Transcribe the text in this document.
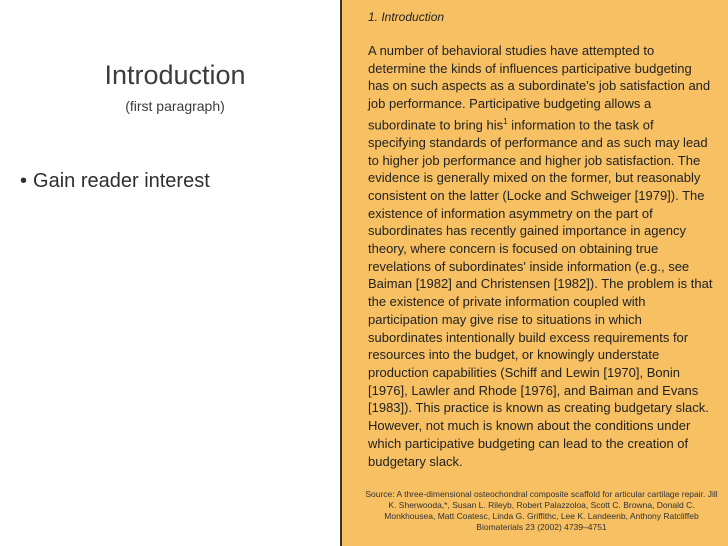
Introduction
(first paragraph)
• Gain reader interest

1. Introduction

A number of behavioral studies have attempted to determine the kinds of influences participative budgeting has on such aspects as a subordinate's job satisfaction and job performance. Participative budgeting allows a subordinate to bring his$^1$ information to the task of specifying standards of performance and as such may lead to higher job performance and higher job satisfaction. The evidence is generally mixed on the former, but reasonably consistent on the latter (Locke and Schweiger [1979]). The existence of information asymmetry on the part of subordinates has recently gained importance in agency theory, where concern is focused on obtaining true revelations of subordinates' inside information (e.g., see Baiman [1982] and Christensen [1982]). The problem is that the existence of private information coupled with participation may give rise to situations in which subordinates intentionally build excess requirements for resources into the budget, or knowingly understate production capabilities (Schiff and Lewin [1970], Bonin [1976], Lawler and Rhode [1976], and Baiman and Evans [1983]). This practice is known as creating budgetary slack. However, not much is known about the conditions under which participative budgeting can lead to the creation of budgetary slack.

Source: A three-dimensional osteochondral composite scaffold for articular cartilage repair. Jill K. Sherwooda,*, Susan L. Rileyb, Robert Palazzoloa, Scott C. Browna, Donald C. Monkhousea, Matt Coatesc, Linda G. Griffithc, Lee K. Landeenb, Anthony Ratcliffeb Biomaterials 23 (2002) 4739–4751
